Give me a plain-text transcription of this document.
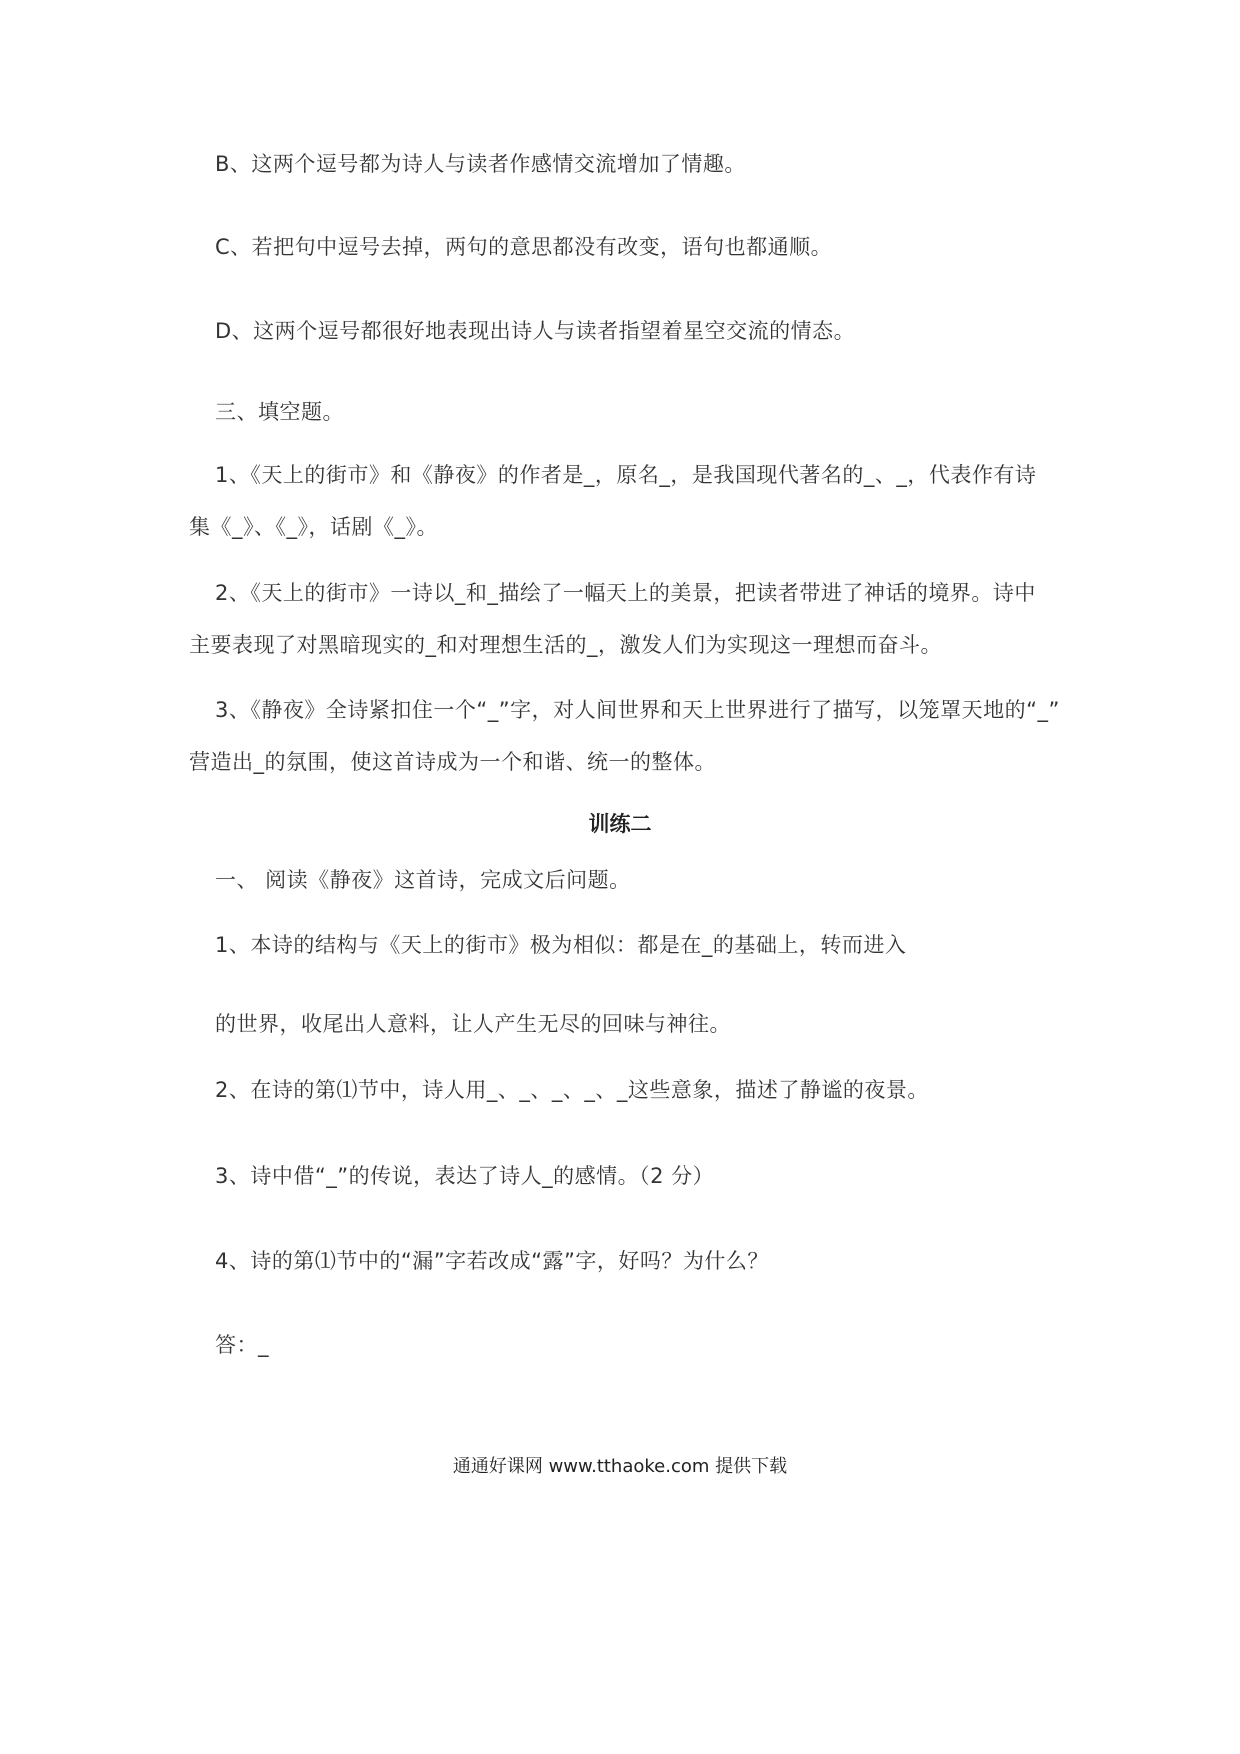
B、这两个逗号都为诗人与读者作感情交流增加了情趣。
C、若把句中逗号去掉，两句的意思都没有改变，语句也都通顺。
D、这两个逗号都很好地表现出诗人与读者指望着星空交流的情态。
三、填空题。
1、《天上的街市》和《静夜》的作者是_，原名_，是我国现代著名的_、_，代表作有诗
集《_》、《_》，话剧《_》。
2、《天上的街市》一诗以_和_描绘了一幅天上的美景，把读者带进了神话的境界。诗中
主要表现了对黑暗现实的_和对理想生活的_，激发人们为实现这一理想而奋斗。
3、《静夜》全诗紧扣住一个“_”字，对人间世界和天上世界进行了描写，以笼罩天地的“_”
营造出_的氛围，使这首诗成为一个和谐、统一的整体。
训练二
一、 阅读《静夜》这首诗，完成文后问题。
1、本诗的结构与《天上的街市》极为相似：都是在_的基础上，转而进入
的世界，收尾出人意料，让人产生无尽的回味与神往。
2、在诗的第⑴节中，诗人用_、_、_、_、_这些意象，描述了静谧的夜景。
3、诗中借“_”的传说，表达了诗人_的感情。（2 分）
4、诗的第⑴节中的“漏”字若改成“露”字，好吗？为什么？
答：_
通通好课网 www.tthaoke.com 提供下载
